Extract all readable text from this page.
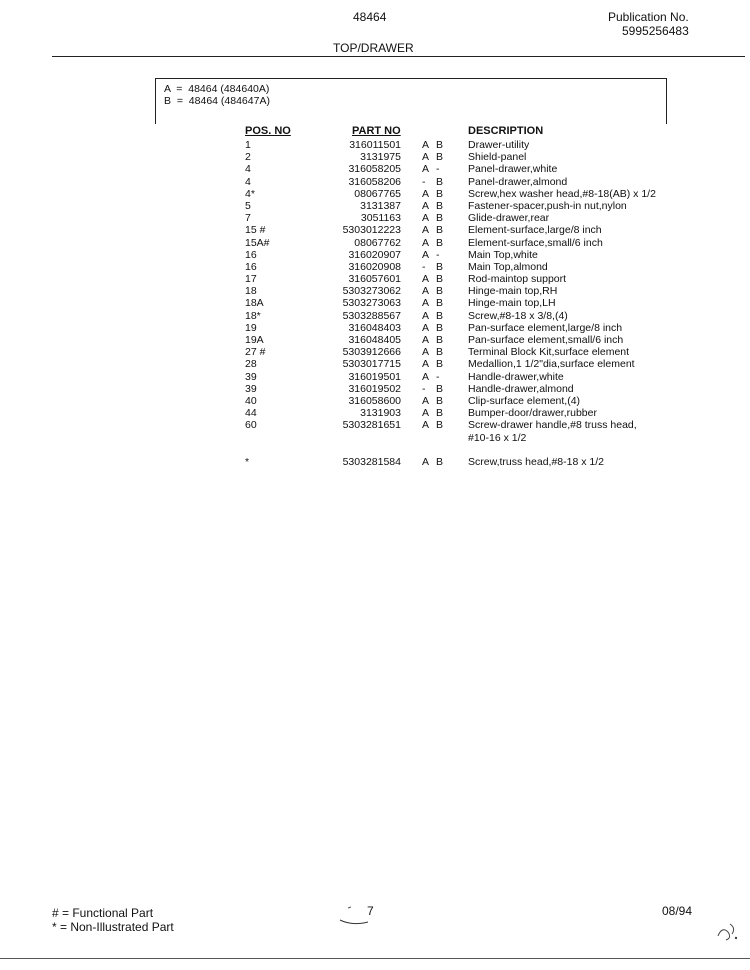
48464	Publication No.
5995256483
TOP/DRAWER
A  =  48464 (484640A)
B  =  48464 (484647A)
POS. NO	PART NO	DESCRIPTION
1	316011501 A B Drawer-utility
2	3131975 A B Shield-panel
4	316058205 A -	Panel-drawer,white
4	316058206 - B Panel-drawer,almond
4*	08067765 A B Screw,hex washer head,#8-18(AB) x 1/2
5	3131387 A B Fastener-spacer,push-in nut,nylon
7	3051163 A B Glide-drawer,rear
15 #	5303012223 A B Element-surface,large/8 inch
15A#	08067762 A B Element-surface,small/6 inch
16	316020907 A -	Main Top,white
16	316020908 - B Main Top,almond
17	316057601 A B Rod-maintop support
18	5303273062 A B Hinge-main top,RH
18A	5303273063 A B Hinge-main top,LH
18*	5303288567 A B Screw,#8-18 x 3/8,(4)
19	316048403 A B Pan-surface element,large/8 inch
19A	316048405 A B Pan-surface element,small/6 inch
27 #	5303912666 A B Terminal Block Kit,surface element
28	5303017715 A B Medallion,1 1/2"dia,surface element
39	316019501 A -	Handle-drawer,white
39	316019502 - B Handle-drawer,almond
40	316058600 A B Clip-surface element,(4)
44	3131903 A B Bumper-door/drawer,rubber
60	5303281651 A B Screw-drawer handle,#8 truss head,
#10-16 x 1/2
*	5303281584 A B Screw,truss head,#8-18 x 1/2
# = Functional Part
* = Non-Illustrated Part
7	08/94
